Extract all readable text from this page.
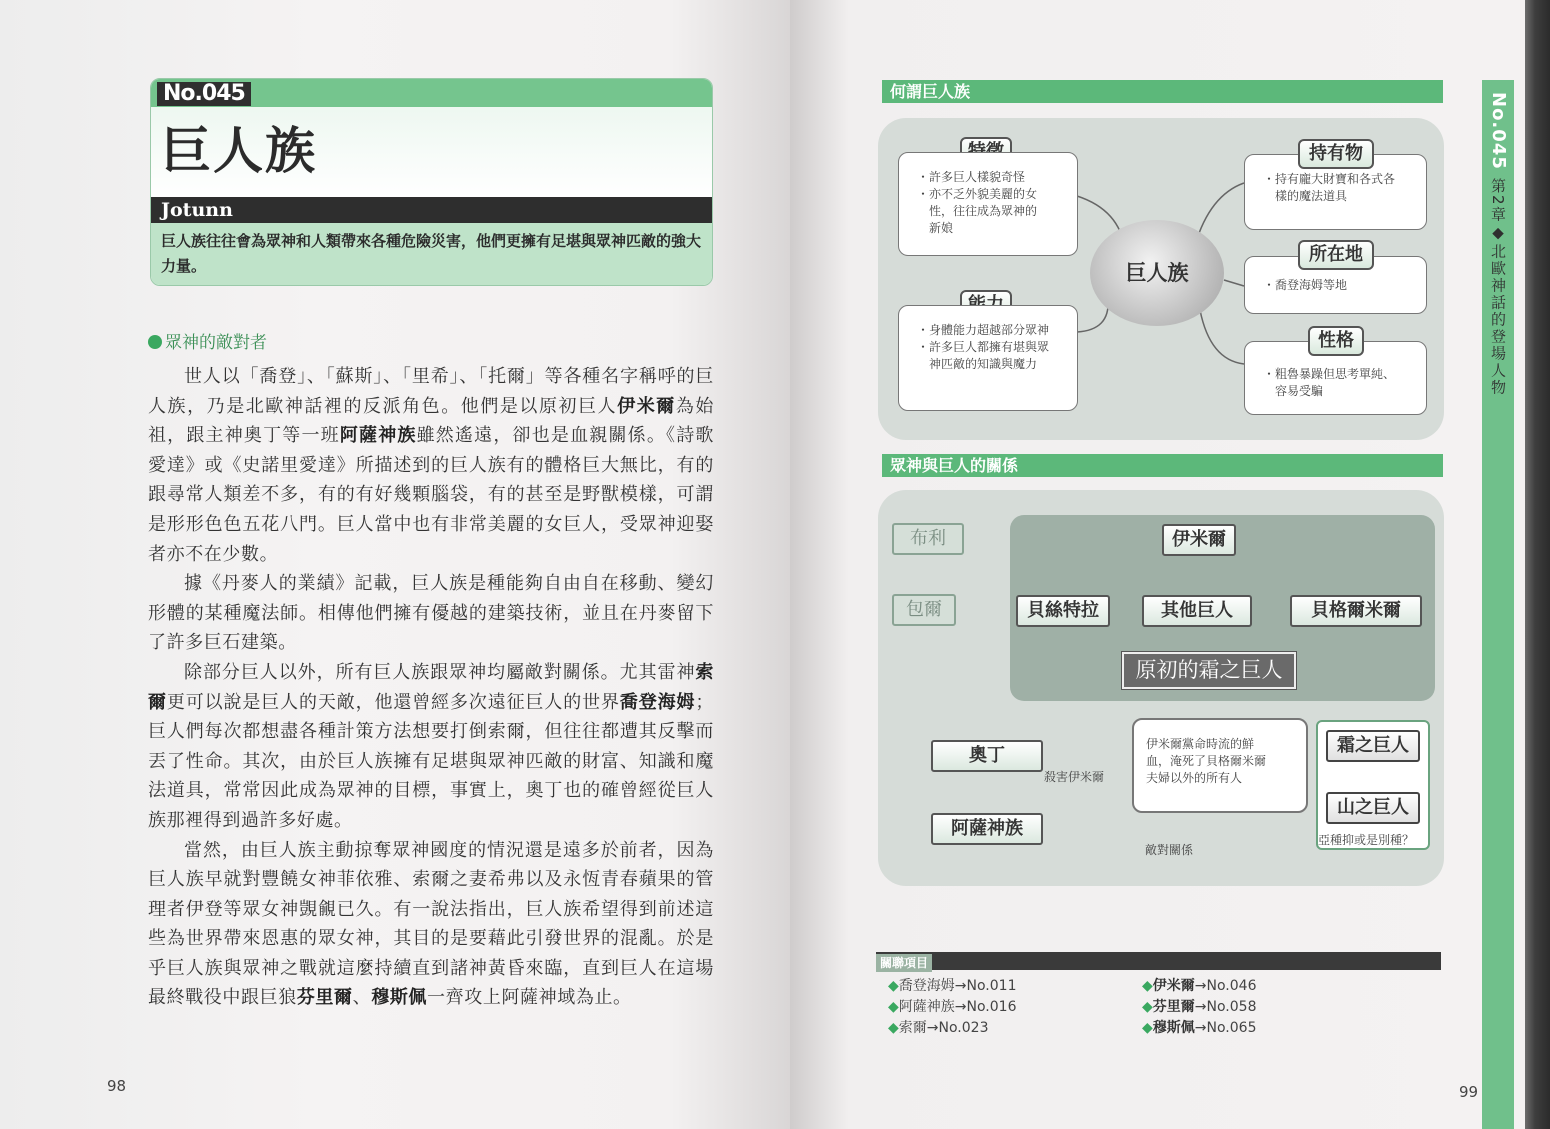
No.045
巨人族
Jotunn
巨人族往往會為眾神和人類帶來各種危險災害，他們更擁有足堪與眾神匹敵的強大力量。
眾神的敵對者

世人以「喬登」、「蘇斯」、「里希」、「托爾」等各種名字稱呼的巨人族，乃是北歐神話裡的反派角色。他們是以原初巨人伊米爾為始祖，跟主神奧丁等一班阿薩神族雖然遙遠，卻也是血親關係。《詩歌愛達》或《史諾里愛達》所描述到的巨人族有的體格巨大無比，有的跟尋常人類差不多，有的有好幾顆腦袋，有的甚至是野獸模樣，可謂是形形色色五花八門。巨人當中也有非常美麗的女巨人，受眾神迎娶者亦不在少數。

據《丹麥人的業績》記載，巨人族是種能夠自由自在移動、變幻形體的某種魔法師。相傳他們擁有優越的建築技術，並且在丹麥留下了許多巨石建築。

除部分巨人以外，所有巨人族跟眾神均屬敵對關係。尤其雷神索爾更可以說是巨人的天敵，他還曾經多次遠征巨人的世界喬登海姆；巨人們每次都想盡各種計策方法想要打倒索爾，但往往都遭其反擊而丟了性命。其次，由於巨人族擁有足堪與眾神匹敵的財富、知識和魔法道具，常常因此成為眾神的目標，事實上，奧丁也的確曾經從巨人族那裡得到過許多好處。

當然，由巨人族主動掠奪眾神國度的情況還是遠多於前者，因為巨人族早就對豐饒女神菲依雅、索爾之妻希弗以及永恆青春蘋果的管理者伊登等眾女神覬覦已久。有一說法指出，巨人族希望得到前述這些為世界帶來恩惠的眾女神，其目的是要藉此引發世界的混亂。於是乎巨人族與眾神之戰就這麼持續直到諸神黃昏來臨，直到巨人在這場最終戰役中跟巨狼芬里爾、穆斯佩一齊攻上阿薩神域為止。

98
何謂巨人族
・許多巨人樣貌奇怪
・亦不乏外貌美麗的女
　性，往往成為眾神的
　新娘
・身體能力超越部分眾神
・許多巨人都擁有堪與眾
　神匹敵的知識與魔力
・持有龐大財寶和各式各
　樣的魔法道具
持有物
・喬登海姆等地
所在地
・粗魯暴躁但思考單純、
　容易受騙
性格
巨人族
眾神與巨人的關係
布利
包爾
伊米爾
貝絲特拉	其他巨人	貝格爾米爾
原初的霜之巨人
奧丁
殺害伊米爾
阿薩神族
敵對關係
伊米爾黨命時流的鮮
血，淹死了貝格爾米爾
夫婦以外的所有人
霜之巨人
山之巨人
亞種抑或是別種？
關聯項目
99
No.045
第2章◆北歐神話的登場人物
◆喬登海姆→No.011
◆阿薩神族→No.016
◆索爾→No.023
◆伊米爾→No.046
◆芬里爾→No.058
◆穆斯佩→No.065
